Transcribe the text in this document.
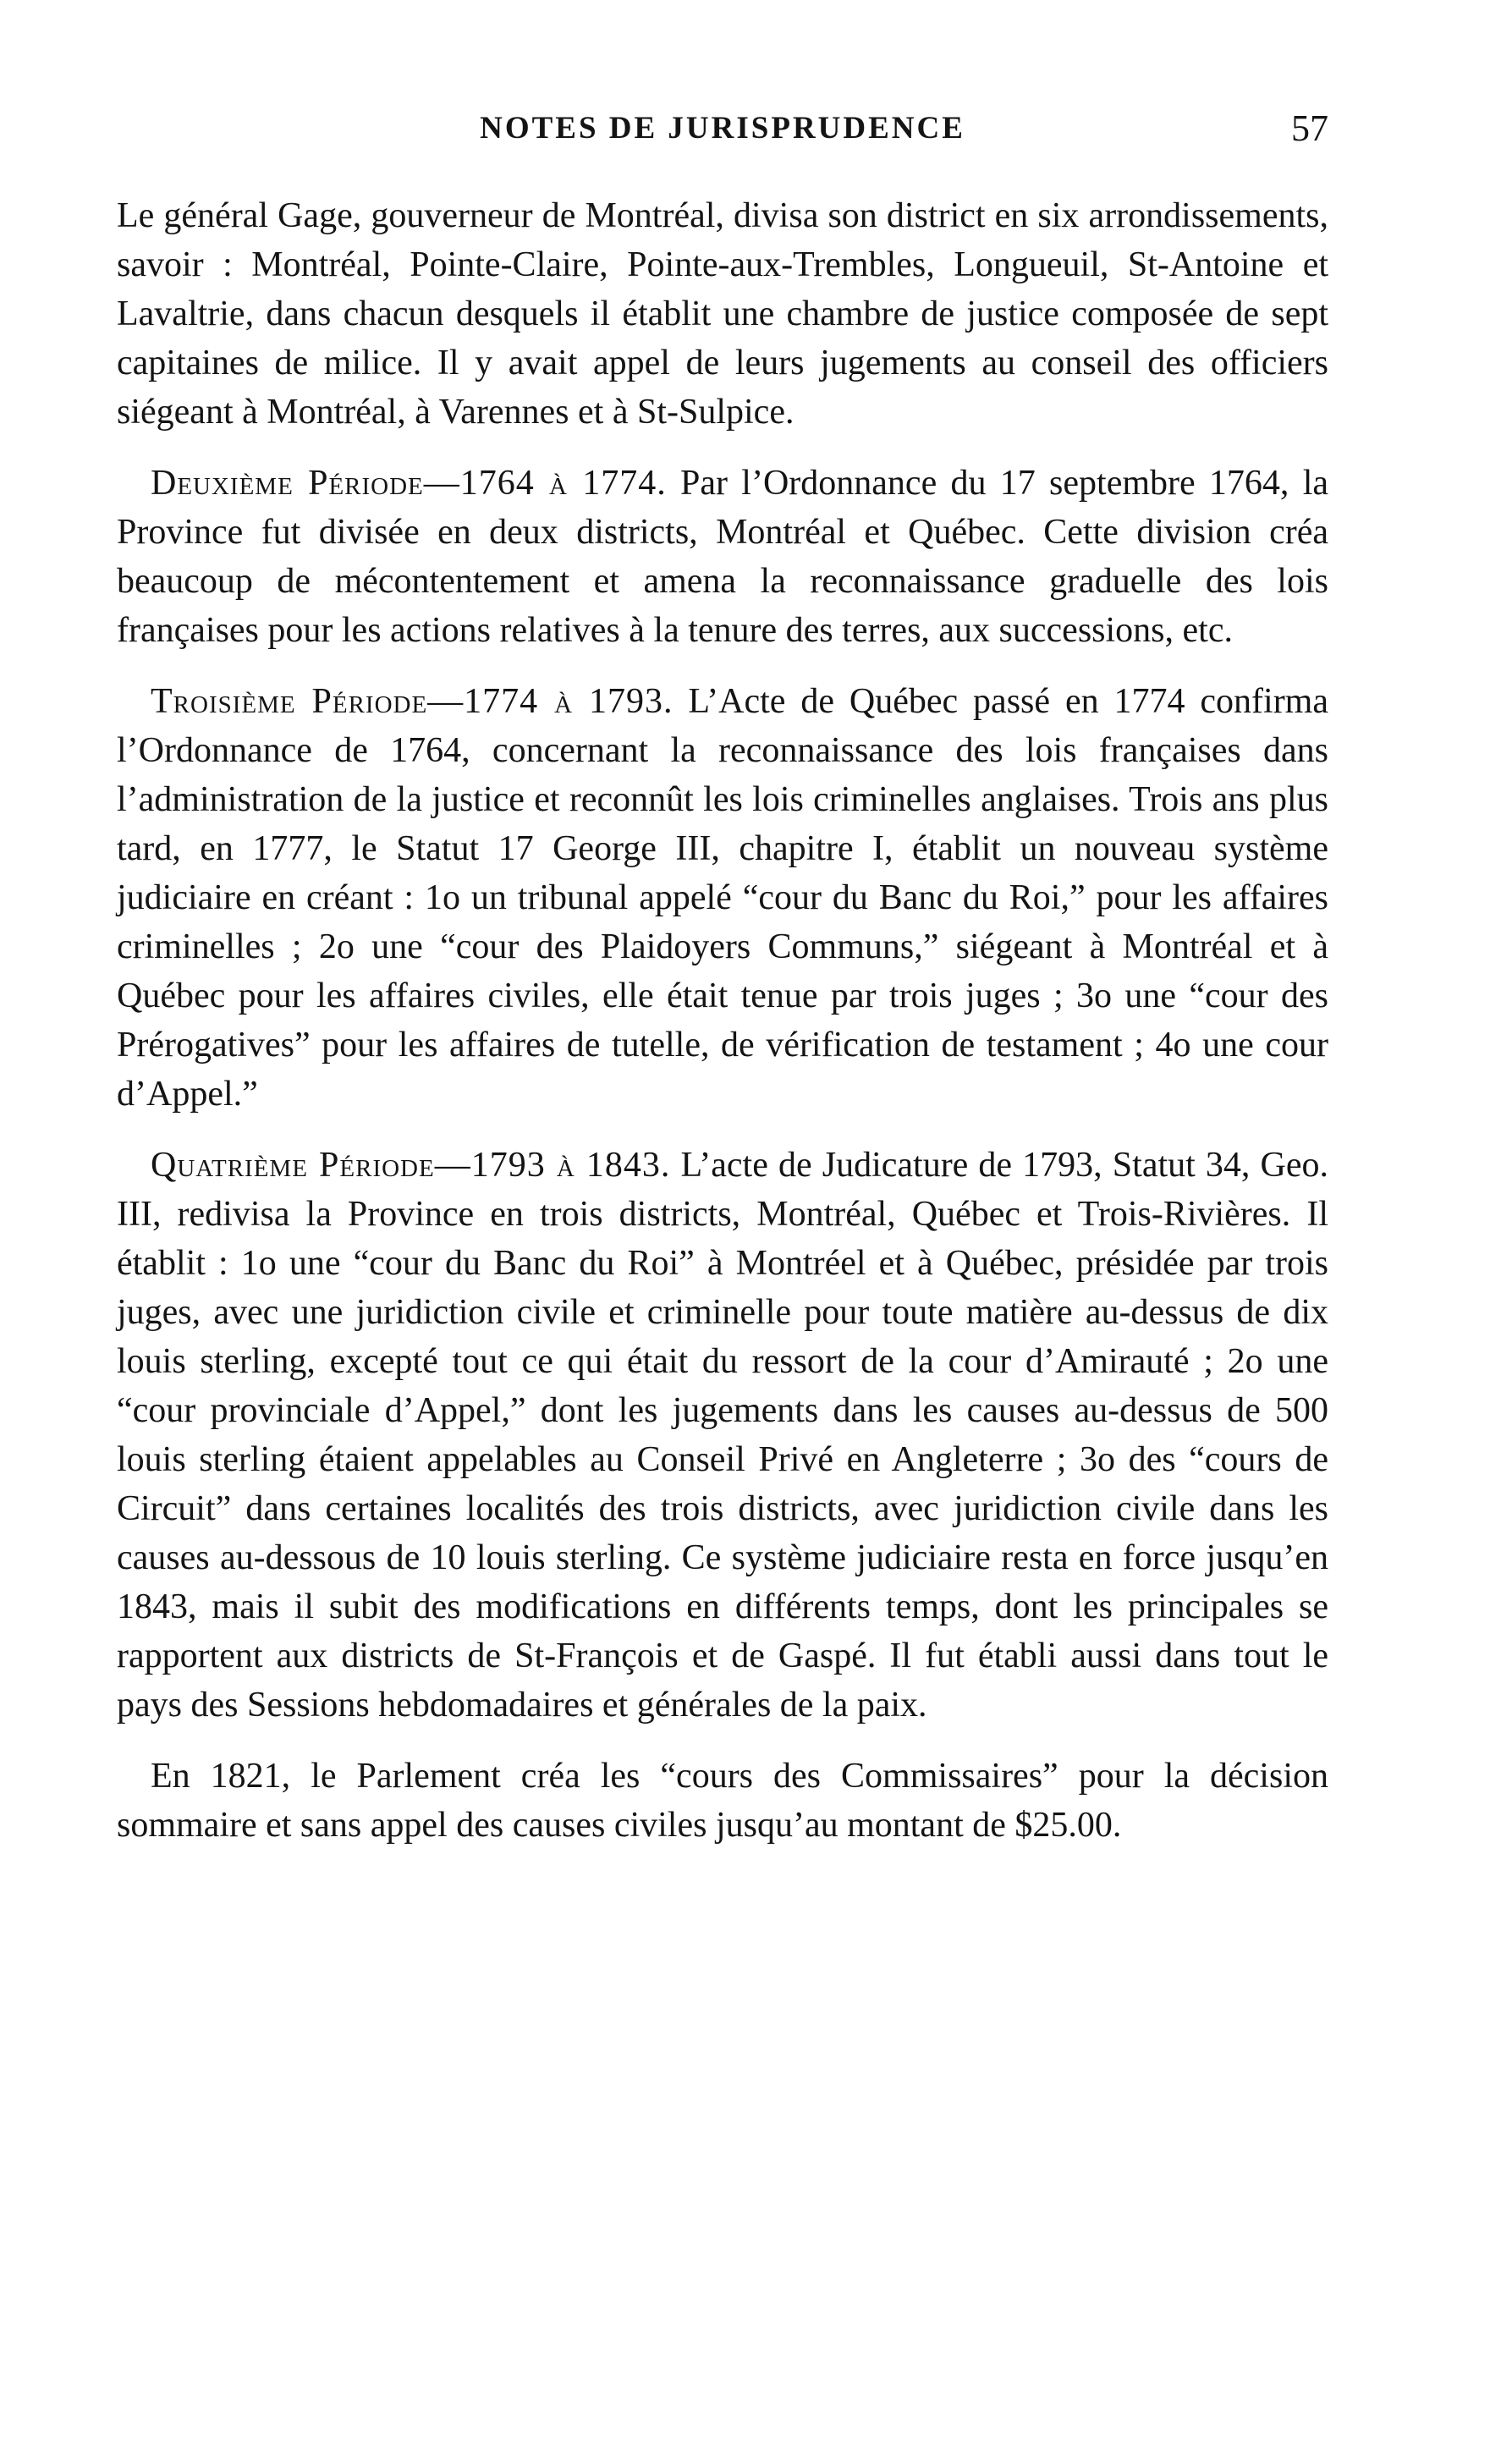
NOTES DE JURISPRUDENCE	57

Le général Gage, gouverneur de Montréal, divisa son district en six arrondissements, savoir : Montréal, Pointe-Claire, Pointe-aux-Trembles, Longueuil, St-Antoine et Lavaltrie, dans chacun desquels il établit une chambre de justice composée de sept capitaines de milice. Il y avait appel de leurs jugements au conseil des officiers siégeant à Montréal, à Varennes et à St-Sulpice.

Deuxième Période—1764 à 1774. Par l’Ordonnance du 17 septembre 1764, la Province fut divisée en deux districts, Montréal et Québec. Cette division créa beaucoup de mécontentement et amena la reconnaissance graduelle des lois françaises pour les actions relatives à la tenure des terres, aux successions, etc.

Troisième Période—1774 à 1793. L’Acte de Québec passé en 1774 confirma l’Ordonnance de 1764, concernant la reconnaissance des lois françaises dans l’administration de la justice et reconnût les lois criminelles anglaises. Trois ans plus tard, en 1777, le Statut 17 George III, chapitre I, établit un nouveau système judiciaire en créant : 1o un tribunal appelé “cour du Banc du Roi,” pour les affaires criminelles ; 2o une “cour des Plaidoyers Communs,” siégeant à Montréal et à Québec pour les affaires civiles, elle était tenue par trois juges ; 3o une “cour des Prérogatives” pour les affaires de tutelle, de vérification de testament ; 4o une cour d’Appel.”

Quatrième Période—1793 à 1843. L’acte de Judicature de 1793, Statut 34, Geo. III, redivisa la Province en trois districts, Montréal, Québec et Trois-Rivières. Il établit : 1o une “cour du Banc du Roi” à Montréel et à Québec, présidée par trois juges, avec une juridiction civile et criminelle pour toute matière au-dessus de dix louis sterling, excepté tout ce qui était du ressort de la cour d’Amirauté ; 2o une “cour provinciale d’Appel,” dont les jugements dans les causes au-dessus de 500 louis sterling étaient appelables au Conseil Privé en Angleterre ; 3o des “cours de Circuit” dans certaines localités des trois districts, avec juridiction civile dans les causes au-dessous de 10 louis sterling. Ce système judiciaire resta en force jusqu’en 1843, mais il subit des modifications en différents temps, dont les principales se rapportent aux districts de St-François et de Gaspé. Il fut établi aussi dans tout le pays des Sessions hebdomadaires et générales de la paix.

En 1821, le Parlement créa les “cours des Commissaires” pour la décision sommaire et sans appel des causes civiles jusqu’au montant de $25.00.
